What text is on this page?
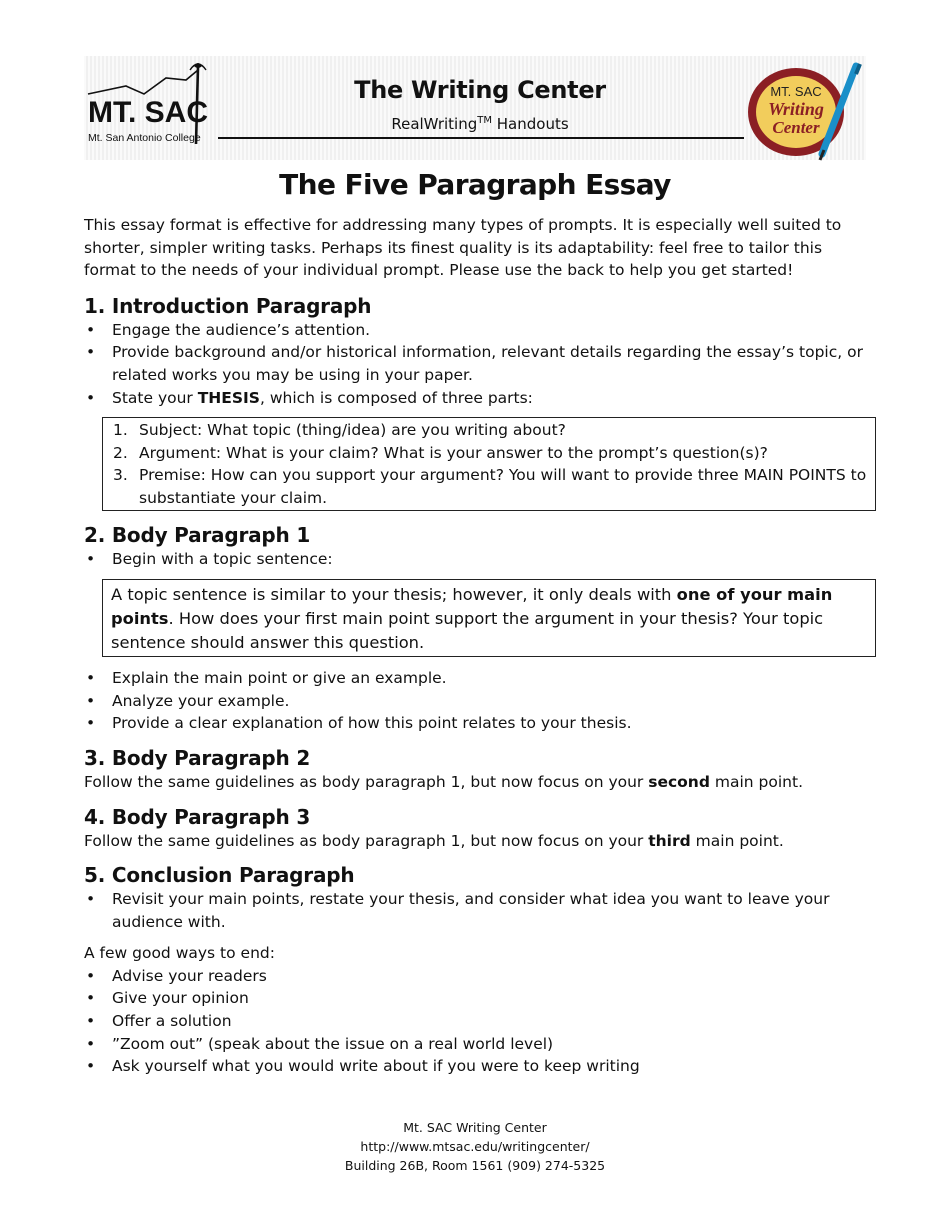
MT. SAC
Mt. San Antonio College
The Writing Center
RealWriting™ Handouts
MT. SAC
Writing
Center
The Five Paragraph Essay

This essay format is effective for addressing many types of prompts. It is especially well suited to shorter, simpler writing tasks. Perhaps its finest quality is its adaptability: feel free to tailor this format to the needs of your individual prompt. Please use the back to help you get started!

1. Introduction Paragraph

• Engage the audience’s attention.
• Provide background and/or historical information, relevant details regarding the essay’s topic, or related works you may be using in your paper.
• State your THESIS, which is composed of three parts:
1. Subject: What topic (thing/idea) are you writing about?
2. Argument: What is your claim? What is your answer to the prompt’s question(s)?
3. Premise: How can you support your argument? You will want to provide three MAIN POINTS to substantiate your claim.

2. Body Paragraph 1

• Begin with a topic sentence:
A topic sentence is similar to your thesis; however, it only deals with one of your main points. How does your first main point support the argument in your thesis? Your topic sentence should answer this question.
• Explain the main point or give an example.
• Analyze your example.
• Provide a clear explanation of how this point relates to your thesis.

3. Body Paragraph 2

Follow the same guidelines as body paragraph 1, but now focus on your second main point.

4. Body Paragraph 3

Follow the same guidelines as body paragraph 1, but now focus on your third main point.

5. Conclusion Paragraph

• Revisit your main points, restate your thesis, and consider what idea you want to leave your audience with.

A few good ways to end:

• Advise your readers
• Give your opinion
• Offer a solution
• ”Zoom out” (speak about the issue on a real world level)
• Ask yourself what you would write about if you were to keep writing
Mt. SAC Writing Center
http://www.mtsac.edu/writingcenter/
Building 26B, Room 1561 (909) 274-5325
